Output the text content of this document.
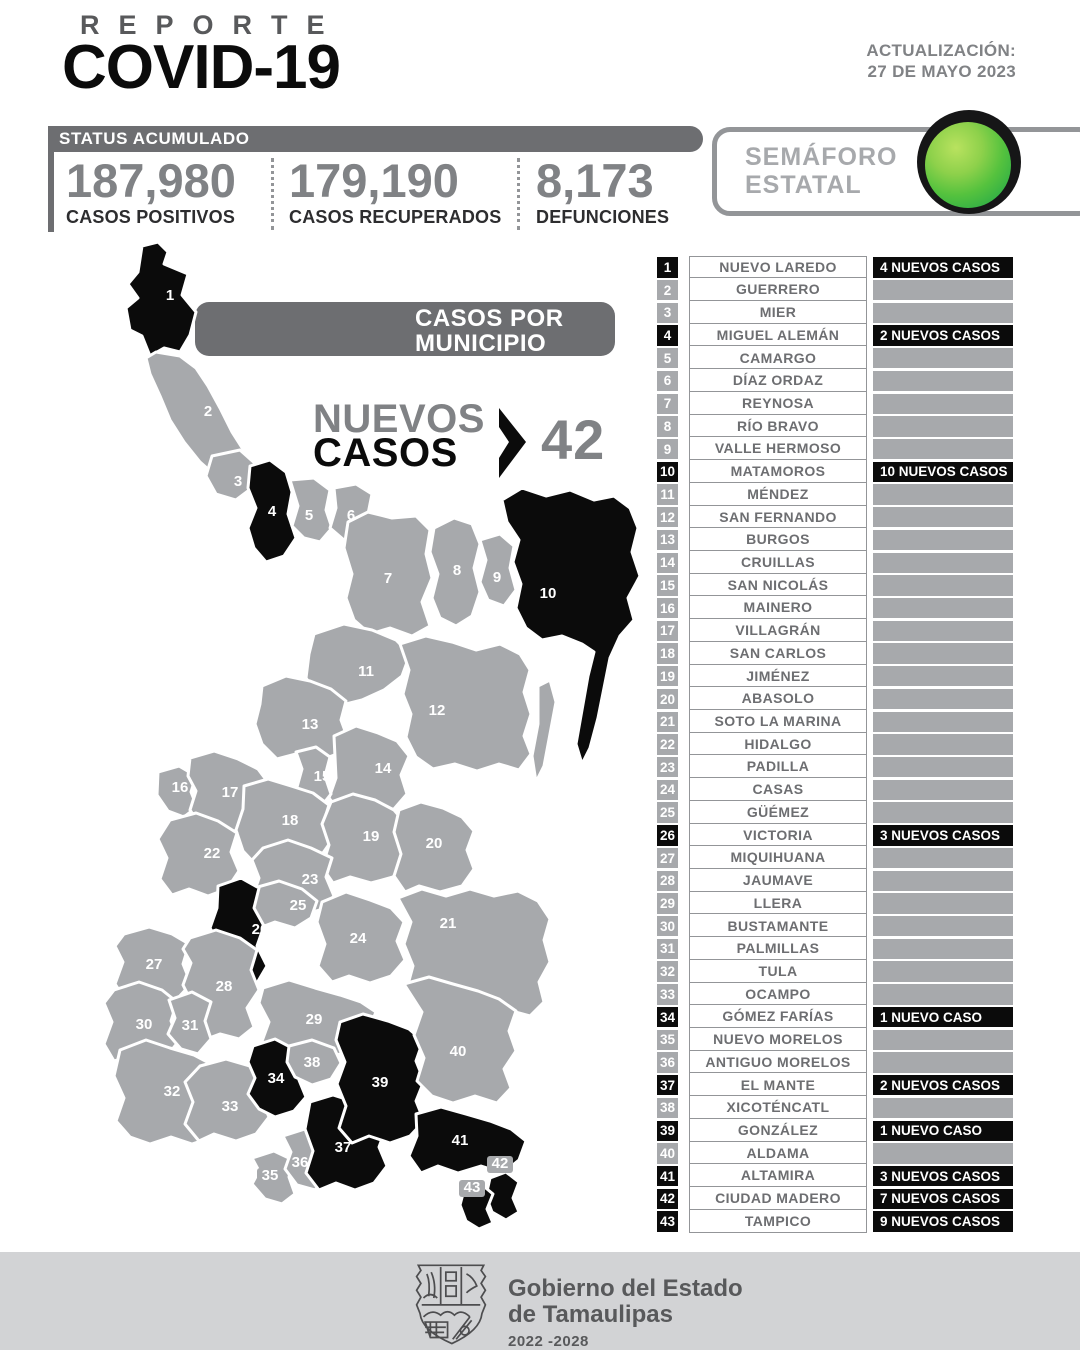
REPORTE
COVID-19	ACTUALIZACIÓN:
27 DE MAYO 2023
STATUS ACUMULADO
187,980
CASOS POSITIVOS
179,190
CASOS RECUPERADOS
8,173
DEFUNCIONES
SEMÁFORO
ESTATAL
CASOS POR
MUNICIPIO
1
2
3
4 5 6
7	8 9
10
11
12
13
14
15
16 17
18
19	20
21
22
23
24
25
26
27
28
29
30 31
32
33
34
35
36
37
38
39
40
41
42
43
NUEVOS
CASOS	42
1	NUEVO LAREDO	4 NUEVOS CASOS
2	GUERRERO
3	MIER
4	MIGUEL ALEMÁN	2 NUEVOS CASOS
5	CAMARGO
6	DÍAZ ORDAZ
7	REYNOSA
8	RÍO BRAVO
9	VALLE HERMOSO
10	MATAMOROS	10 NUEVOS CASOS
11	MÉNDEZ
12	SAN FERNANDO
13	BURGOS
14	CRUILLAS
15	SAN NICOLÁS
16	MAINERO
17	VILLAGRÁN
18	SAN CARLOS
19	JIMÉNEZ
20	ABASOLO
21	SOTO LA MARINA
22	HIDALGO
23	PADILLA
24	CASAS
25	GÜÉMEZ
26	VICTORIA	3 NUEVOS CASOS
27	MIQUIHUANA
28	JAUMAVE
29	LLERA
30	BUSTAMANTE
31	PALMILLAS
32	TULA
33	OCAMPO
34	GÓMEZ FARÍAS	1 NUEVO CASO
35	NUEVO MORELOS
36	ANTIGUO MORELOS
37	EL MANTE	2 NUEVOS CASOS
38	XICOTÉNCATL
39	GONZÁLEZ	1 NUEVO CASO
40	ALDAMA
41	ALTAMIRA	3 NUEVOS CASOS
42	CIUDAD MADERO	7 NUEVOS CASOS
43	TAMPICO	9 NUEVOS CASOS
Gobierno del Estado
de Tamaulipas
2022 -2028
